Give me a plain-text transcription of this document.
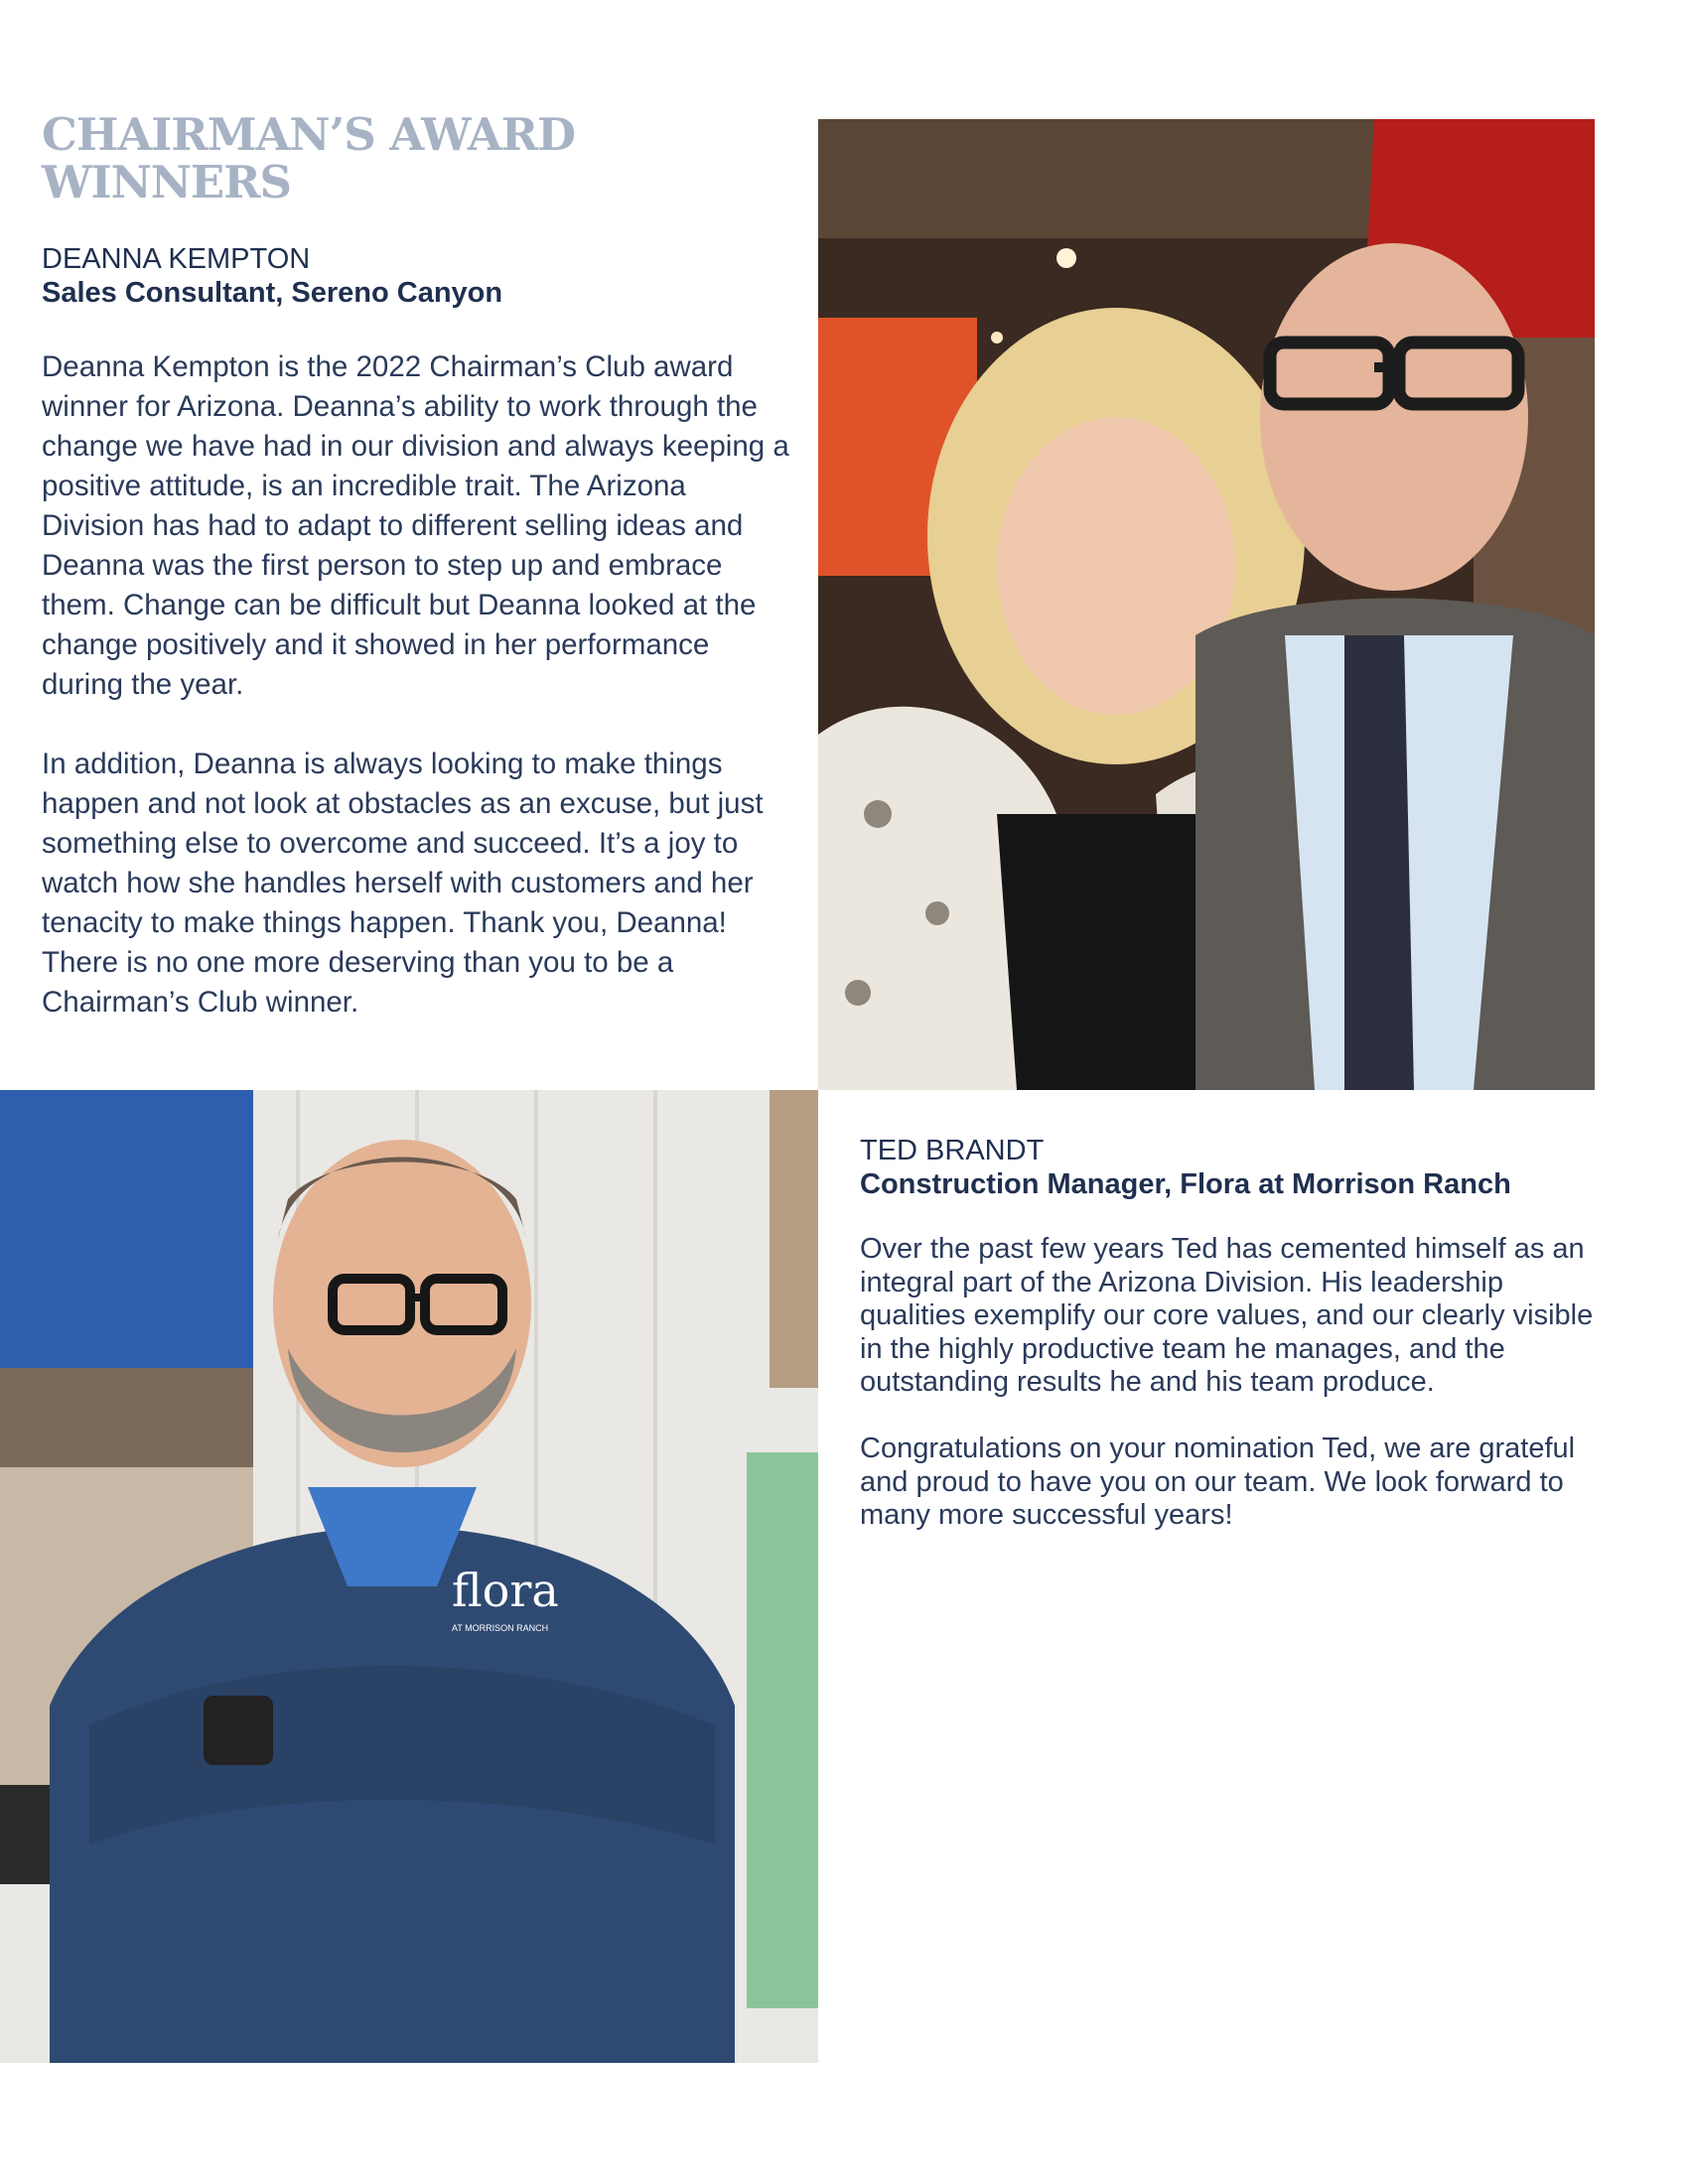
CHAIRMAN’S AWARD
WINNERS
DEANNA KEMPTON
Sales Consultant, Sereno Canyon

Deanna Kempton is the 2022 Chairman’s Club award winner for Arizona. Deanna’s ability to work through the change we have had in our division and always keeping a positive attitude, is an incredible trait. The Arizona Division has had to adapt to different selling ideas and Deanna was the first person to step up and embrace them. Change can be difficult but Deanna looked at the change positively and it showed in her performance during the year.

In addition, Deanna is always looking to make things happen and not look at obstacles as an excuse, but just something else to overcome and succeed. It’s a joy to watch how she handles herself with customers and her tenacity to make things happen. Thank you, Deanna! There is no one more deserving than you to be a Chairman’s Club winner.

flora
AT MORRISON RANCH
TED BRANDT
Construction Manager, Flora at Morrison Ranch

Over the past few years Ted has cemented himself as an integral part of the Arizona Division. His leadership qualities exemplify our core values, and our clearly visible in the highly productive team he manages, and the outstanding results he and his team produce.

Congratulations on your nomination Ted, we are grateful and proud to have you on our team. We look forward to many more successful years!
